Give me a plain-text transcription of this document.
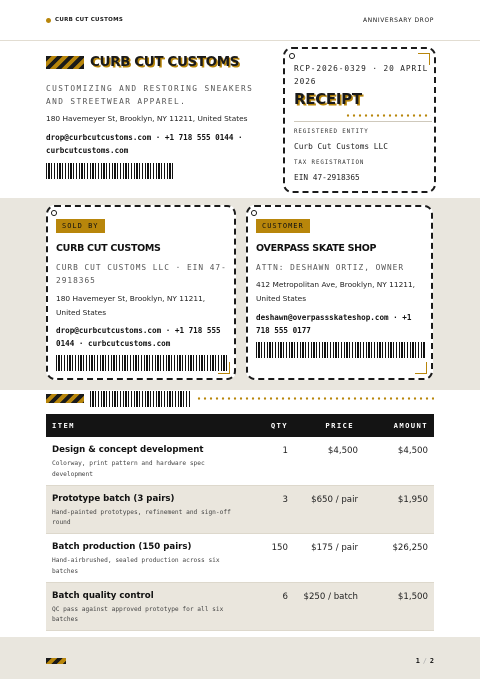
CURB CUT CUSTOMS	ANNIVERSARY DROP
CURB CUT CUSTOMS
CUSTOMIZING AND RESTORING SNEAKERS AND STREETWEAR APPAREL.
180 Havemeyer St, Brooklyn, NY 11211, United States
drop@curbcutcustoms.com · +1 718 555 0144 · curbcutcustoms.com
RCP-2026-0329 · 20 APRIL 2026
RECEIPT
REGISTERED ENTITY
Curb Cut Customs LLC
TAX REGISTRATION
EIN 47-2918365
SOLD BY
CURB CUT CUSTOMS
CURB CUT CUSTOMS LLC · EIN 47-2918365
180 Havemeyer St, Brooklyn, NY 11211, United States
drop@curbcutcustoms.com · +1 718 555 0144 · curbcutcustoms.com
CUSTOMER
OVERPASS SKATE SHOP
ATTN: DESHAWN ORTIZ, OWNER
412 Metropolitan Ave, Brooklyn, NY 11211, United States
deshawn@overpassskateshop.com · +1 718 555 0177
ITEM	QTY	PRICE	AMOUNT
Design & concept development
Colorway, print pattern and hardware spec development
1	$4,500	$4,500
Prototype batch (3 pairs)
Hand-painted prototypes, refinement and sign-off round
3	$650 / pair	$1,950
Batch production (150 pairs)
Hand-airbrushed, sealed production across six batches
150	$175 / pair	$26,250
Batch quality control
QC pass against approved prototype for all six batches
6 $250 / batch	$1,500
1 / 2
